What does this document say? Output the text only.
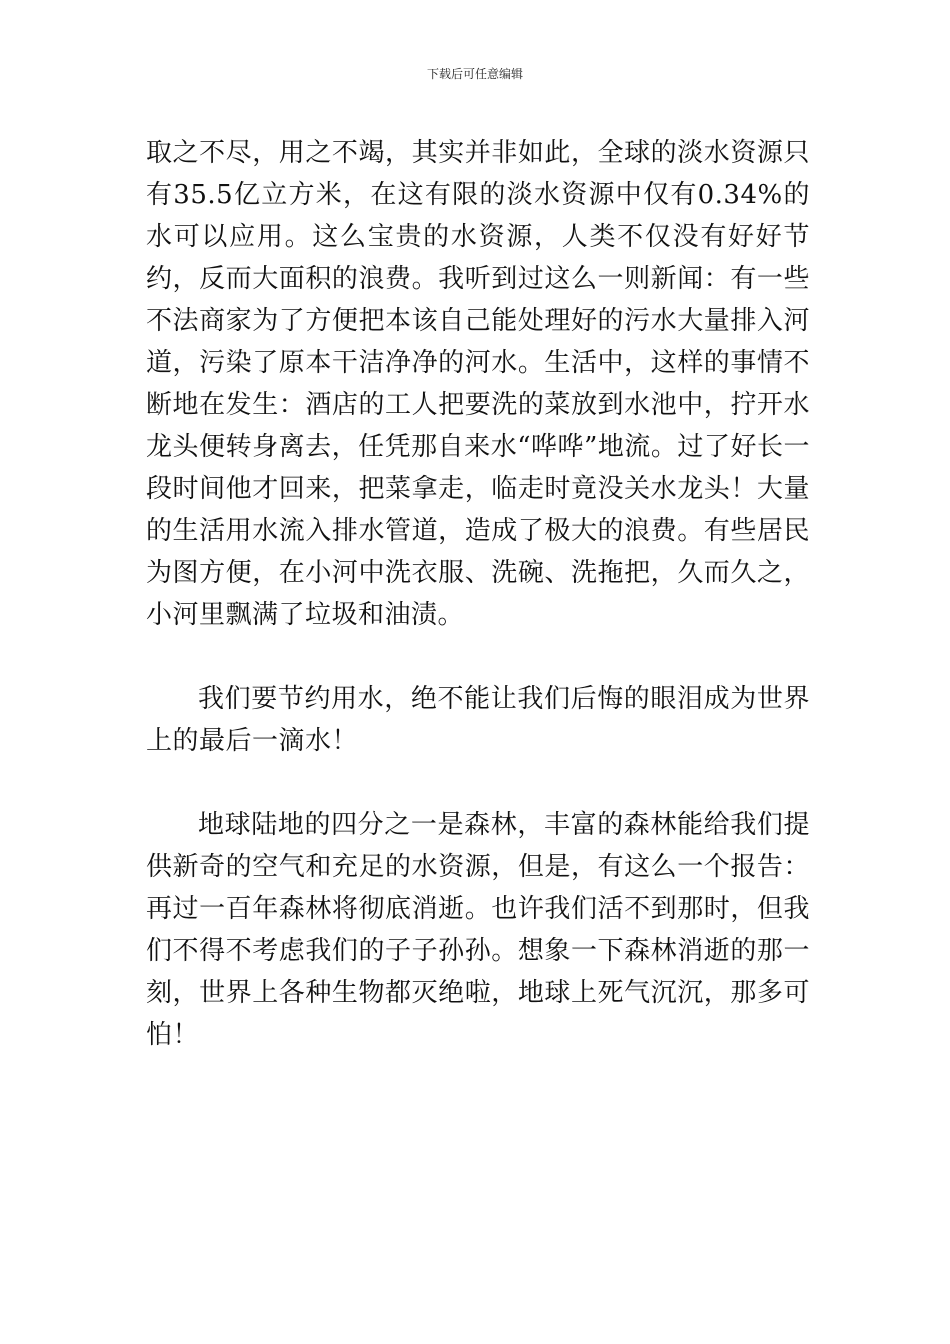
下载后可任意编辑

取之不尽，用之不竭，其实并非如此，全球的淡水资源只有35.5亿立方米，在这有限的淡水资源中仅有0.34%的水可以应用。这么宝贵的水资源，人类不仅没有好好节约，反而大面积的浪费。我听到过这么一则新闻：有一些不法商家为了方便把本该自己能处理好的污水大量排入河道，污染了原本干洁净净的河水。生活中，这样的事情不断地在发生：酒店的工人把要洗的菜放到水池中，拧开水龙头便转身离去，任凭那自来水“哗哗”地流。过了好长一段时间他才回来，把菜拿走，临走时竟没关水龙头！大量的生活用水流入排水管道，造成了极大的浪费。有些居民为图方便，在小河中洗衣服、洗碗、洗拖把，久而久之，小河里飘满了垃圾和油渍。

我们要节约用水，绝不能让我们后悔的眼泪成为世界上的最后一滴水！

地球陆地的四分之一是森林，丰富的森林能给我们提供新奇的空气和充足的水资源，但是，有这么一个报告：再过一百年森林将彻底消逝。也许我们活不到那时，但我们不得不考虑我们的子子孙孙。想象一下森林消逝的那一刻，世界上各种生物都灭绝啦，地球上死气沉沉，那多可怕！
